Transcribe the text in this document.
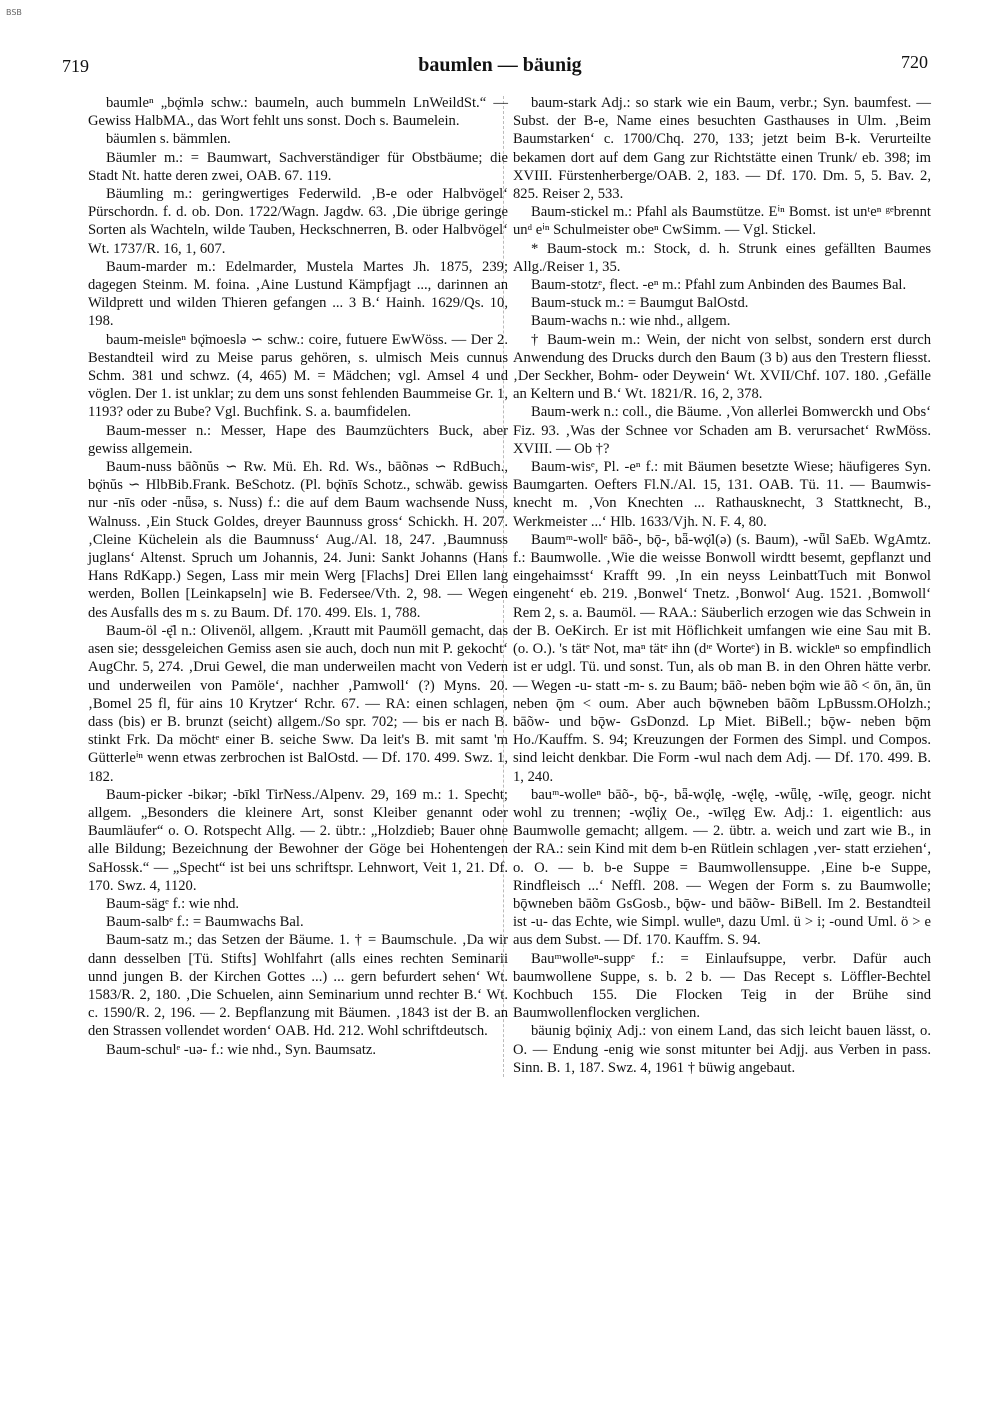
BSB
719	baumlen — bäunig	720

baumleⁿ „bǫ̈mlə schw.: baumeln, auch bummeln LnWeildSt.“ — Gewiss HalbMA., das Wort fehlt uns sonst. Doch s. Baumelein.

bäumlen s. bämmlen.

Bäumler m.: = Baumwart, Sachverständiger für Obstbäume; die Stadt Nt. hatte deren zwei, OAB. 67. 119.

Bäumling m.: geringwertiges Federwild. ‚B-e oder Halbvögel‘ Pürschordn. f. d. ob. Don. 1722/Wagn. Jagdw. 63. ‚Die übrige geringe Sorten als Wachteln, wilde Tauben, Heckschnerren, B. oder Halbvögel‘ Wt. 1737/R. 16, 1, 607.

Baum-marder m.: Edelmarder, Mustela Martes Jh. 1875, 239; dagegen Steinm. M. foina. ‚Aine Lustund Kämpfjagt ..., darinnen an Wildprett und wilden Thieren gefangen ... 3 B.‘ Hainh. 1629/Qs. 10, 198.

baum-meisleⁿ bǫ̈moeslə ∽ schw.: coire, futuere EwWöss. — Der 2. Bestandteil wird zu Meise parus gehören, s. ulmisch Meis cunnus Schm. 381 und schwz. (4, 465) M. = Mädchen; vgl. Amsel 4 und vöglen. Der 1. ist unklar; zu dem uns sonst fehlenden Baummeise Gr. 1, 1193? oder zu Bube? Vgl. Buchfink. S. a. baumfidelen.

Baum-messer n.: Messer, Hape des Baumzüchters Buck, aber gewiss allgemein.

Baum-nuss bāõnŭs ∽ Rw. Mü. Eh. Rd. Ws., bāõnəs ∽ RdBuch., bǫ̈nŭs ∽ HlbBib.Frank. BeSchotz. (Pl. bǫ̈nīs Schotz., schwäb. gewiss nur -nīs oder -nǖsə, s. Nuss) f.: die auf dem Baum wachsende Nuss, Walnuss. ‚Ein Stuck Goldes, dreyer Baunnuss gross‘ Schickh. H. 207. ‚Cleine Küchelein als die Baumnuss‘ Aug./Al. 18, 247. ‚Baumnuss juglans‘ Altenst. Spruch um Johannis, 24. Juni: Sankt Johanns (Hans Hans RdKapp.) Segen, Lass mir mein Werg [Flachs] Drei Ellen lang werden, Bollen [Leinkapseln] wie B. Federsee/Vth. 2, 98. — Wegen des Ausfalls des m s. zu Baum. Df. 170. 499. Els. 1, 788.

Baum-öl -ę̄l n.: Olivenöl, allgem. ‚Krautt mit Paumöll gemacht, das asen sie; dessgeleichen Gemiss asen sie auch, doch nun mit P. gekocht‘ AugChr. 5, 274. ‚Drui Gewel, die man underweilen macht von Vedern und underweilen von Pamöle‘, nachher ‚Pamwoll‘ (?) Myns. 20. ‚Bomel 25 fl, für ains 10 Krytzer‘ Rchr. 67. — RA: einen schlagen, dass (bis) er B. brunzt (seicht) allgem./So spr. 702; — bis er nach B. stinkt Frk. Da möchtᵉ einer B. seiche Sww. Da leit's B. mit samt 'm Gütterleⁱⁿ wenn etwas zerbrochen ist BalOstd. — Df. 170. 499. Swz. 1, 182.

Baum-picker -bikər; -bīkl TirNess./Alpenv. 29, 169 m.: 1. Specht; allgem. „Besonders die kleinere Art, sonst Kleiber genannt oder Baumläufer“ o. O. Rotspecht Allg. — 2. übtr.: „Holzdieb; Bauer ohne alle Bildung; Bezeichnung der Bewohner der Göge bei Hohentengen SaHossk.“ — „Specht“ ist bei uns schriftspr. Lehnwort, Veit 1, 21. Df. 170. Swz. 4, 1120.

Baum-sägᵉ f.: wie nhd.

Baum-salbᵉ f.: = Baumwachs Bal.

Baum-satz m.; das Setzen der Bäume. 1. † = Baumschule. ‚Da wir dann desselben [Tü. Stifts] Wohlfahrt (alls eines rechten Seminarii unnd jungen B. der Kirchen Gottes ...) ... gern befurdert sehen‘ Wt. 1583/R. 2, 180. ‚Die Schuelen, ainn Seminarium unnd rechter B.‘ Wt. c. 1590/R. 2, 196. — 2. Bepflanzung mit Bäumen. ‚1843 ist der B. an den Strassen vollendet worden‘ OAB. Hd. 212. Wohl schriftdeutsch.

Baum-schulᵉ -uə- f.: wie nhd., Syn. Baumsatz.

baum-stark Adj.: so stark wie ein Baum, verbr.; Syn. baumfest. — Subst. der B-e, Name eines besuchten Gasthauses in Ulm. ‚Beim Baumstarken‘ c. 1700/Chq. 270, 133; jetzt beim B-k. Verurteilte bekamen dort auf dem Gang zur Richtstätte einen Trunk/ eb. 398; im XVIII. Fürstenherberge/OAB. 2, 183. — Df. 170. Dm. 5, 5. Bav. 2, 825. Reiser 2, 533.

Baum-stickel m.: Pfahl als Baumstütze. Eⁱⁿ Bomst. ist unᵗeⁿ ᵍᵉbrennt unᵈ eⁱⁿ Schulmeister obeⁿ CwSimm. — Vgl. Stickel.

* Baum-stock m.: Stock, d. h. Strunk eines gefällten Baumes Allg./Reiser 1, 35.

Baum-stotzᵉ, flect. -eⁿ m.: Pfahl zum Anbinden des Baumes Bal.

Baum-stuck m.: = Baumgut BalOstd.

Baum-wachs n.: wie nhd., allgem.

† Baum-wein m.: Wein, der nicht von selbst, sondern erst durch Anwendung des Drucks durch den Baum (3 b) aus den Trestern fliesst. ‚Der Seckher, Bohm- oder Deywein‘ Wt. XVII/Chf. 107. 180. ‚Gefälle an Keltern und B.‘ Wt. 1821/R. 16, 2, 378.

Baum-werk n.: coll., die Bäume. ‚Von allerlei Bomwerckh und Obs‘ Fiz. 93. ‚Was der Schnee vor Schaden am B. verursachet‘ RwMöss. XVIII. — Ob †?

Baum-wisᵉ, Pl. -eⁿ f.: mit Bäumen besetzte Wiese; häufigeres Syn. Baumgarten. Oefters Fl.N./Al. 15, 131. OAB. Tü. 11. — Baumwis-knecht m. ‚Von Knechten ... Rathausknecht, 3 Stattknecht, B., Werkmeister ...‘ Hlb. 1633/Vjh. N. F. 4, 80.

Baumᵐ-wollᵉ bāõ-, bǭ-, bǟ-wǫ̈l(ə) (s. Baum), -wǖl SaEb. WgAmtz. f.: Baumwolle. ‚Wie die weisse Bonwoll wirdtt besemt, gepflanzt und eingehaimsst‘ Krafft 99. ‚In ein neyss LeinbattTuch mit Bonwol eingeneht‘ eb. 219. ‚Bonwel‘ Tnetz. ‚Bonwol‘ Aug. 1521. ‚Bomwoll‘ Rem 2, s. a. Baumöl. — RAA.: Säuberlich erzogen wie das Schwein in der B. OeKirch. Er ist mit Höflichkeit umfangen wie eine Sau mit B. (o. O.). 's tätᵉ Not, maⁿ tätᵉ ihn (dᶦᵉ Worteᵉ) in B. wickleⁿ so empfindlich ist er udgl. Tü. und sonst. Tun, als ob man B. in den Ohren hätte verbr. — Wegen -u- statt -m- s. zu Baum; bāõ- neben bǫ̈m wie āõ < ōn, ān, ūn neben ǭm < oum. Aber auch bǭwneben bāõm LpBussm.OHolzh.; bāõw- und bǭw- GsDonzd. Lp Miet. BiBell.; bǭw- neben bǭm Ho./Kauffm. S. 94; Kreuzungen der Formen des Simpl. und Compos. sind leicht denkbar. Die Form -wul nach dem Adj. — Df. 170. 499. B. 1, 240.

bauᵐ-wolleⁿ bāõ-, bǭ-, bǟ-wǫ̈lę, -wę̈lę, -wǖlę, -wīlę, geogr. nicht wohl zu trennen; -wǫ̈liχ Oe., -wīlęg Ew. Adj.: 1. eigentlich: aus Baumwolle gemacht; allgem. — 2. übtr. a. weich und zart wie B., in der RA.: sein Kind mit dem b-en Rütlein schlagen ‚ver- statt erziehen‘, o. O. — b. b-e Suppe = Baumwollensuppe. ‚Eine b-e Suppe, Rindfleisch ...‘ Neffl. 208. — Wegen der Form s. zu Baumwolle; bǭwneben bāõm GsGosb., bǭw- und bāõw- BiBell. Im 2. Bestandteil ist -u- das Echte, wie Simpl. wulleⁿ, dazu Uml. ü > i; -ound Uml. ö > e aus dem Subst. — Df. 170. Kauffm. S. 94.

Bauᵐwolleⁿ-suppᵉ f.: = Einlaufsuppe, verbr. Dafür auch baumwollene Suppe, s. b. 2 b. — Das Recept s. Löffler-Bechtel Kochbuch 155. Die Flocken Teig in der Brühe sind Baumwollenflocken verglichen.

bäunig bǫ̈iniχ Adj.: von einem Land, das sich leicht bauen lässt, o. O. — Endung -enig wie sonst mitunter bei Adjj. aus Verben in pass. Sinn. B. 1, 187. Swz. 4, 1961 † büwig angebaut.
